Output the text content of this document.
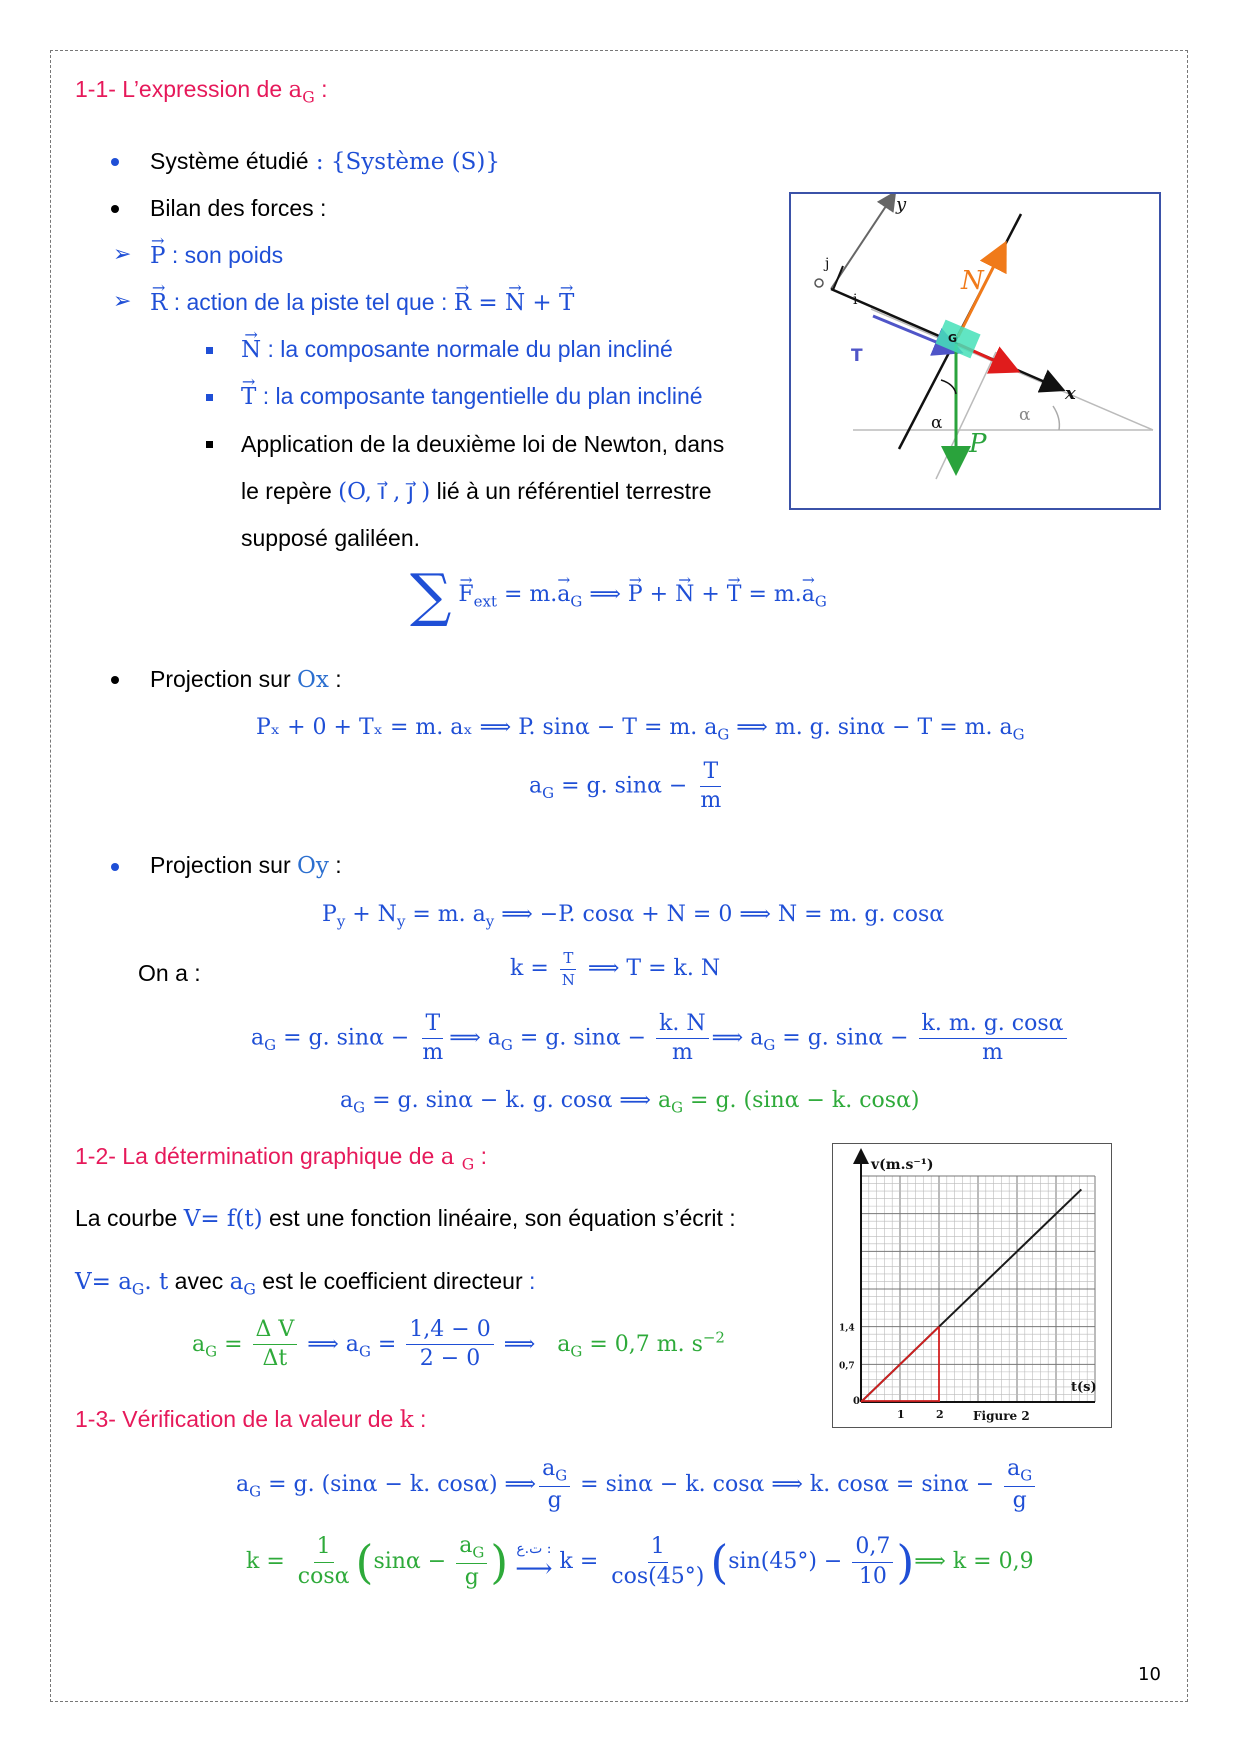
1-1- L’expression de $a_G$ :
Système étudié : {Système (S)}
Bilan des forces :
➢ → P : son poids
➢ → R : action de la piste tel que : → R = → N + → T
→ N : la composante normale du plan incliné
→ T : la composante tangentielle du plan incliné
Application de la deuxième loi de Newton, dans
le repère (O, ı⃗ , ȷ⃗ ) lié à un référentiel terrestre
supposé galiléen.
∑ → $F_{ext} = m.\to a_G$ ⟹ → P + → N + → $T = m.\to a_G$
Projection sur Ox :
Pₓ + 0 + Tₓ = m. aₓ ⟹ P. sinα − T = m. $a_G$ ⟹ m. g. sinα − T = m. $a_G$
$a_G = g$. $\sin\alpha - \frac{T}{m}$
Projection sur Oy :
$P_y + N_y = m$. $a_y$ ⟹ −P. cosα + N = 0 ⟹ N = m. g. cosα
On a :	$k = \frac{T}{N}$ ⟹ T = k. N
$a_G = g$. $\sin\alpha - \frac{T}{m}$ ⟹ $a_G = g$. $\sin\alpha - \frac{k. N}{m}$ ⟹ $a_G = g$. $\sin\alpha - \frac{k. m. g. \cos\alpha}{m}$
$a_G = g$. sinα − k. g. cosα ⟹ $a_G = g$. (sinα − k. cosα)
y
x
j
i
N
T
G
P
α	α
1-2- La détermination graphique de a $_G$ :
La courbe V= f(t) est une fonction linéaire, son équation s’écrit :
$V= a_G$. t avec $a_G$ est le coefficient directeur :
$a_G = \frac{\text{Δ V}}{\Delta t}$ ⟹ $a_G = \frac{1,4 - 0}{2 - 0}$ ⟹ $a_G = 0,7$ m. $s^{-2}$
1	2
0,7
1,4
v(m.s⁻¹)
t(s)
Figure 2
0
1-3- Vérification de la valeur de k :
$a_G = g$. (sinα − k. cosα) ⟹ $\frac{a_G}{g} = \sin\alpha - k$. cosα ⟹ k. $\cos\alpha = \sin\alpha - \frac{a_G}{g}$
$k = \frac{1}{\cos\alpha} (\sin\alpha - \frac{a_G}{g}$ ) ت.ع :
⟶ $k = \frac{1}{\cos(45^\circ)} (\sin(45^\circ) - \frac{0,7}{10}$ )⟹ k = 0,9
10
